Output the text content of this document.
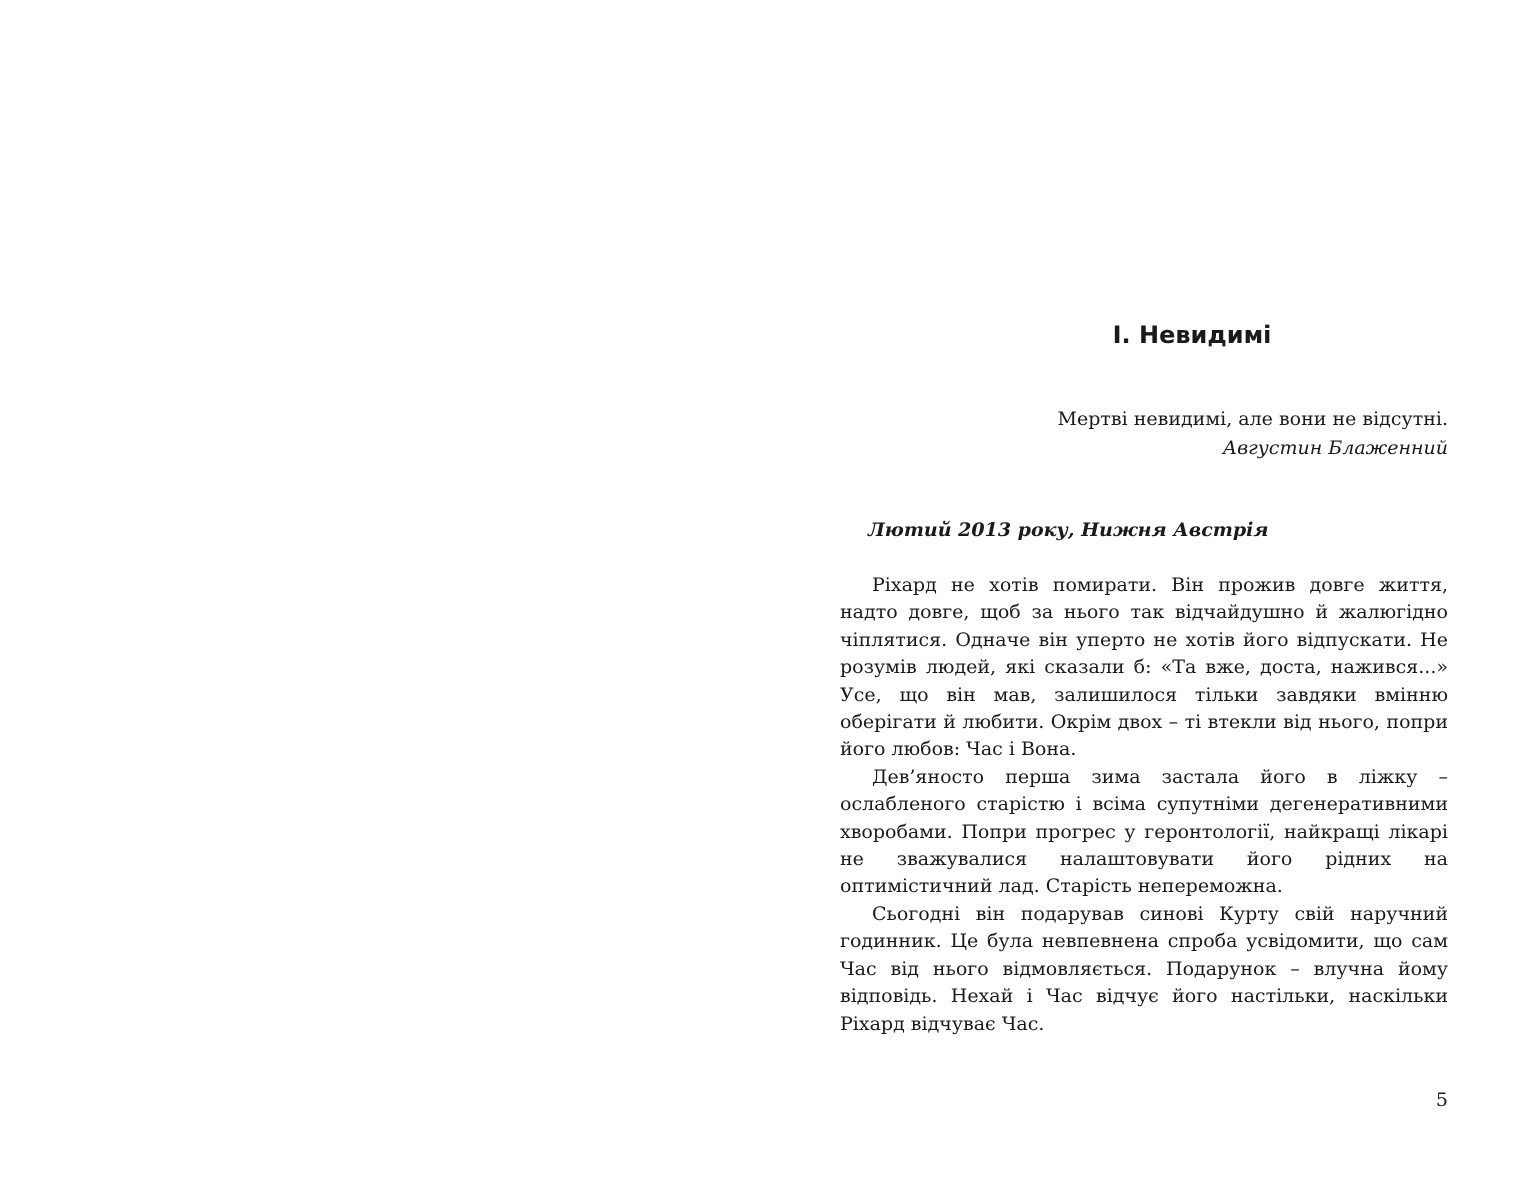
І. Невидимі
Мертві невидимі, але вони не відсутні.
Августин Блаженний
Лютий 2013 року, Нижня Австрія

Ріхард не хотів помирати. Він прожив довге життя, надто довге, щоб за нього так відчайдушно й жалюгідно чіплятися. Одначе він уперто не хотів його відпускати. Не розумів людей, які сказали б: «Та вже, доста, нажився...» Усе, що він мав, залишилося тільки завдяки вмінню оберігати й любити. Окрім двох – ті втекли від нього, попри його любов: Час і Вона.

Дев’яносто перша зима застала його в ліжку – ослабленого старістю і всіма супутніми дегенеративними хворобами. Попри прогрес у геронтології, найкращі лікарі не зважувалися налаштовувати його рідних на оптимістичний лад. Старість непереможна.

Сьогодні він подарував синові Курту свій наручний годинник. Це була невпевнена спроба усвідомити, що сам Час від нього відмовляється. Подарунок – влучна йому відповідь. Нехай і Час відчує його настільки, наскільки Ріхард відчуває Час.

5
